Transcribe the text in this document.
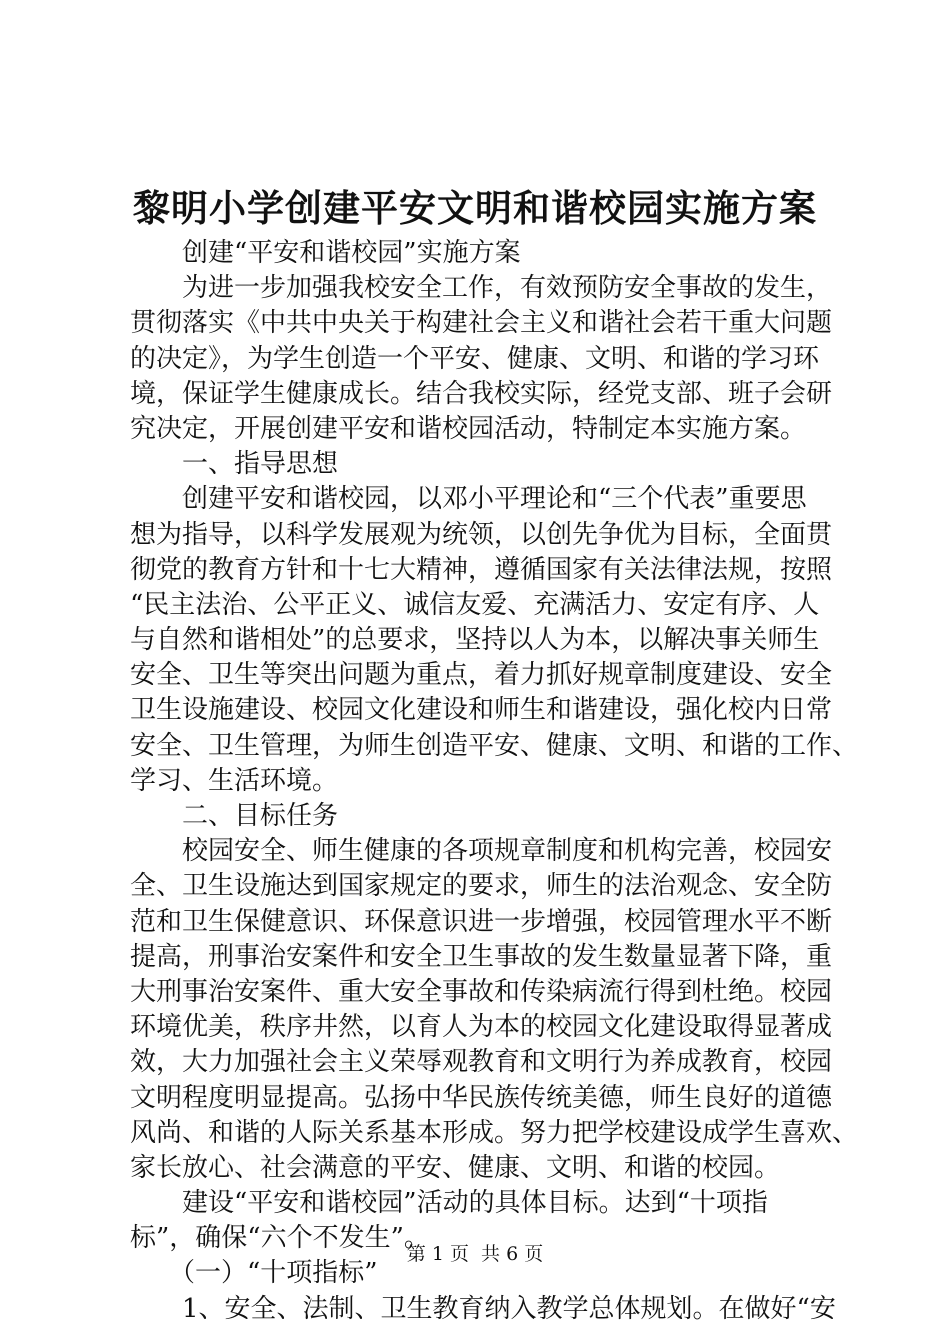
黎明小学创建平安文明和谐校园实施方案
　　创建“平安和谐校园”实施方案
　　为进一步加强我校安全工作，有效预防安全事故的发生，
贯彻落实《中共中央关于构建社会主义和谐社会若干重大问题
的决定》，为学生创造一个平安、健康、文明、和谐的学习环
境，保证学生健康成长。结合我校实际，经党支部、班子会研
究决定，开展创建平安和谐校园活动，特制定本实施方案。
　　一、指导思想
　　创建平安和谐校园，以邓小平理论和“三个代表”重要思
想为指导，以科学发展观为统领，以创先争优为目标，全面贯
彻党的教育方针和十七大精神，遵循国家有关法律法规，按照
“民主法治、公平正义、诚信友爱、充满活力、安定有序、人
与自然和谐相处”的总要求，坚持以人为本，以解决事关师生
安全、卫生等突出问题为重点，着力抓好规章制度建设、安全
卫生设施建设、校园文化建设和师生和谐建设，强化校内日常
安全、卫生管理，为师生创造平安、健康、文明、和谐的工作、
学习、生活环境。
　　二、目标任务
　　校园安全、师生健康的各项规章制度和机构完善，校园安
全、卫生设施达到国家规定的要求，师生的法治观念、安全防
范和卫生保健意识、环保意识进一步增强，校园管理水平不断
提高，刑事治安案件和安全卫生事故的发生数量显著下降，重
大刑事治安案件、重大安全事故和传染病流行得到杜绝。校园
环境优美，秩序井然，以育人为本的校园文化建设取得显著成
效，大力加强社会主义荣辱观教育和文明行为养成教育，校园
文明程度明显提高。弘扬中华民族传统美德，师生良好的道德
风尚、和谐的人际关系基本形成。努力把学校建设成学生喜欢、
家长放心、社会满意的平安、健康、文明、和谐的校园。
　　建设“平安和谐校园”活动的具体目标。达到“十项指
标”，确保“六个不发生”。
　　（一）“十项指标”
　　1、安全、法制、卫生教育纳入教学总体规划。在做好“安
第 1 页  共 6 页
